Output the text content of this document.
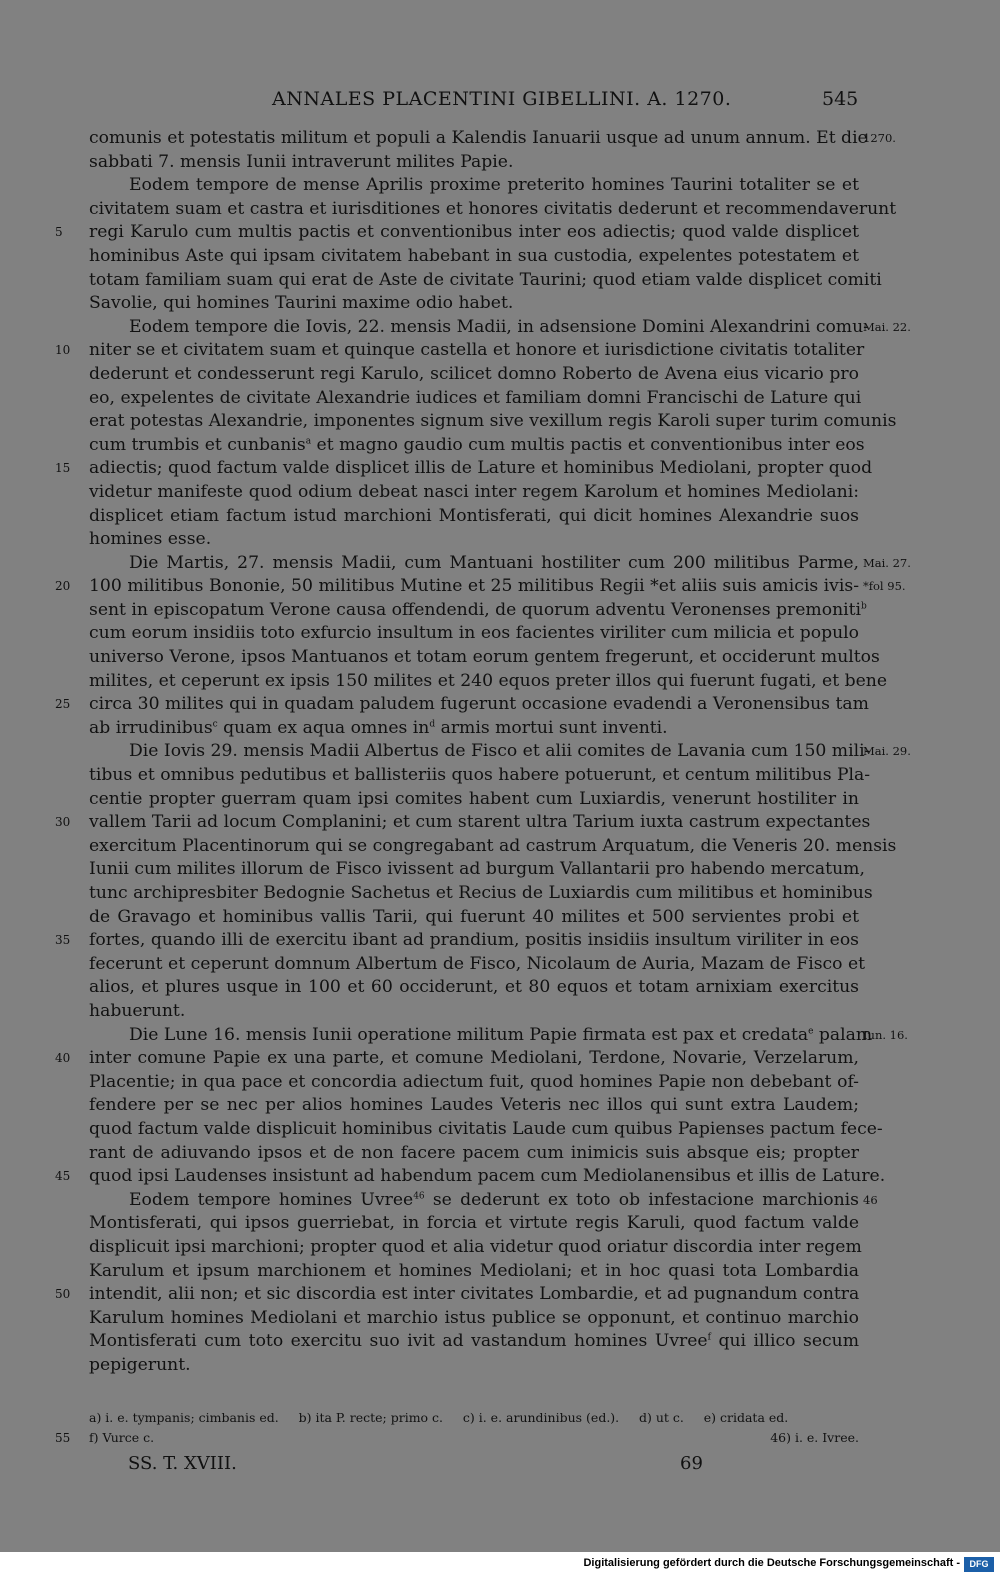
ANNALES PLACENTINI GIBELLINI. A. 1270.	545
comunis et potestatis militum et populi a Kalendis Ianuarii usque ad unum annum. Et die
1270.
sabbati 7. mensis Iunii intraverunt milites Papie.
Eodem tempore de mense Aprilis proxime preterito homines Taurini totaliter se et
civitatem suam et castra et iurisditiones et honores civitatis dederunt et recommendaverunt
regi Karulo cum multis pactis et conventionibus inter eos adiectis; quod valde displicet
5
hominibus Aste qui ipsam civitatem habebant in sua custodia, expelentes potestatem et
totam familiam suam qui erat de Aste de civitate Taurini; quod etiam valde displicet comiti
Savolie, qui homines Taurini maxime odio habet.
Eodem tempore die Iovis, 22. mensis Madii, in adsensione Domini Alexandrini comu-
Mai. 22.
niter se et civitatem suam et quinque castella et honore et iurisdictione civitatis totaliter
10
dederunt et condesserunt regi Karulo, scilicet domno Roberto de Avena eius vicario pro
eo, expelentes de civitate Alexandrie iudices et familiam domni Francischi de Lature qui
erat potestas Alexandrie, imponentes signum sive vexillum regis Karoli super turim comunis
cum trumbis et cunbanis$^a$ et magno gaudio cum multis pactis et conventionibus inter eos
adiectis; quod factum valde displicet illis de Lature et hominibus Mediolani, propter quod
15
videtur manifeste quod odium debeat nasci inter regem Karolum et homines Mediolani:
displicet etiam factum istud marchioni Montisferati, qui dicit homines Alexandrie suos
homines esse.
Die Martis, 27. mensis Madii, cum Mantuani hostiliter cum 200 militibus Parme, Mai. 27.
100 militibus Bononie, 50 militibus Mutine et 25 militibus Regii *et aliis suis amicis ivis-
20	*fol 95.
sent in episcopatum Verone causa offendendi, de quorum adventu Veronenses premoniti$^b$
cum eorum insidiis toto exfurcio insultum in eos facientes viriliter cum milicia et populo
universo Verone, ipsos Mantuanos et totam eorum gentem fregerunt, et occiderunt multos
milites, et ceperunt ex ipsis 150 milites et 240 equos preter illos qui fuerunt fugati, et bene
circa 30 milites qui in quadam paludem fugerunt occasione evadendi a Veronensibus tam
25
ab irrudinibus$^c$ quam ex aqua omnes $in^d$ armis mortui sunt inventi.
Die Iovis 29. mensis Madii Albertus de Fisco et alii comites de Lavania cum 150 mili-
Mai. 29.
tibus et omnibus pedutibus et ballisteriis quos habere potuerunt, et centum militibus Pla-
centie propter guerram quam ipsi comites habent cum Luxiardis, venerunt hostiliter in
vallem Tarii ad locum Complanini; et cum starent ultra Tarium iuxta castrum expectantes
30
exercitum Placentinorum qui se congregabant ad castrum Arquatum, die Veneris 20. mensis
Iunii cum milites illorum de Fisco ivissent ad burgum Vallantarii pro habendo mercatum,
tunc archipresbiter Bedognie Sachetus et Recius de Luxiardis cum militibus et hominibus
de Gravago et hominibus vallis Tarii, qui fuerunt 40 milites et 500 servientes probi et
fortes, quando illi de exercitu ibant ad prandium, positis insidiis insultum viriliter in eos
35
fecerunt et ceperunt domnum Albertum de Fisco, Nicolaum de Auria, Mazam de Fisco et
alios, et plures usque in 100 et 60 occiderunt, et 80 equos et totam arnixiam exercitus
habuerunt.
Die Lune 16. mensis Iunii operatione militum Papie firmata est pax et credata$^e$ palam
Iun. 16.
inter comune Papie ex una parte, et comune Mediolani, Terdone, Novarie, Verzelarum,
40
Placentie; in qua pace et concordia adiectum fuit, quod homines Papie non debebant of-
fendere per se nec per alios homines Laudes Veteris nec illos qui sunt extra Laudem;
quod factum valde displicuit hominibus civitatis Laude cum quibus Papienses pactum fece-
rant de adiuvando ipsos et de non facere pacem cum inimicis suis absque eis; propter
quod ipsi Laudenses insistunt ad habendum pacem cum Mediolanensibus et illis de Lature.
45
Eodem tempore homines Uvree$^{46}$ se dederunt ex toto ob infestacione marchionis 46
Montisferati, qui ipsos guerriebat, in forcia et virtute regis Karuli, quod factum valde
displicuit ipsi marchioni; propter quod et alia videtur quod oriatur discordia inter regem
Karulum et ipsum marchionem et homines Mediolani; et in hoc quasi tota Lombardia
intendit, alii non; et sic discordia est inter civitates Lombardie, et ad pugnandum contra
50
Karulum homines Mediolani et marchio istus publice se opponunt, et continuo marchio
Montisferati cum toto exercitu suo ivit ad vastandum homines Uvree$^f$ qui illico secum
pepigerunt.
a) i. e. tympanis; cimbanis ed.     b) ita P. recte; primo c.     c) i. e. arundinibus (ed.).     d) ut c.     e) cridata ed.
55 f) Vurce c.	46) i. e. Ivree.
SS. T. XVIII.	69
Digitalisierung gefördert durch die Deutsche Forschungsgemeinschaft -	DFG
